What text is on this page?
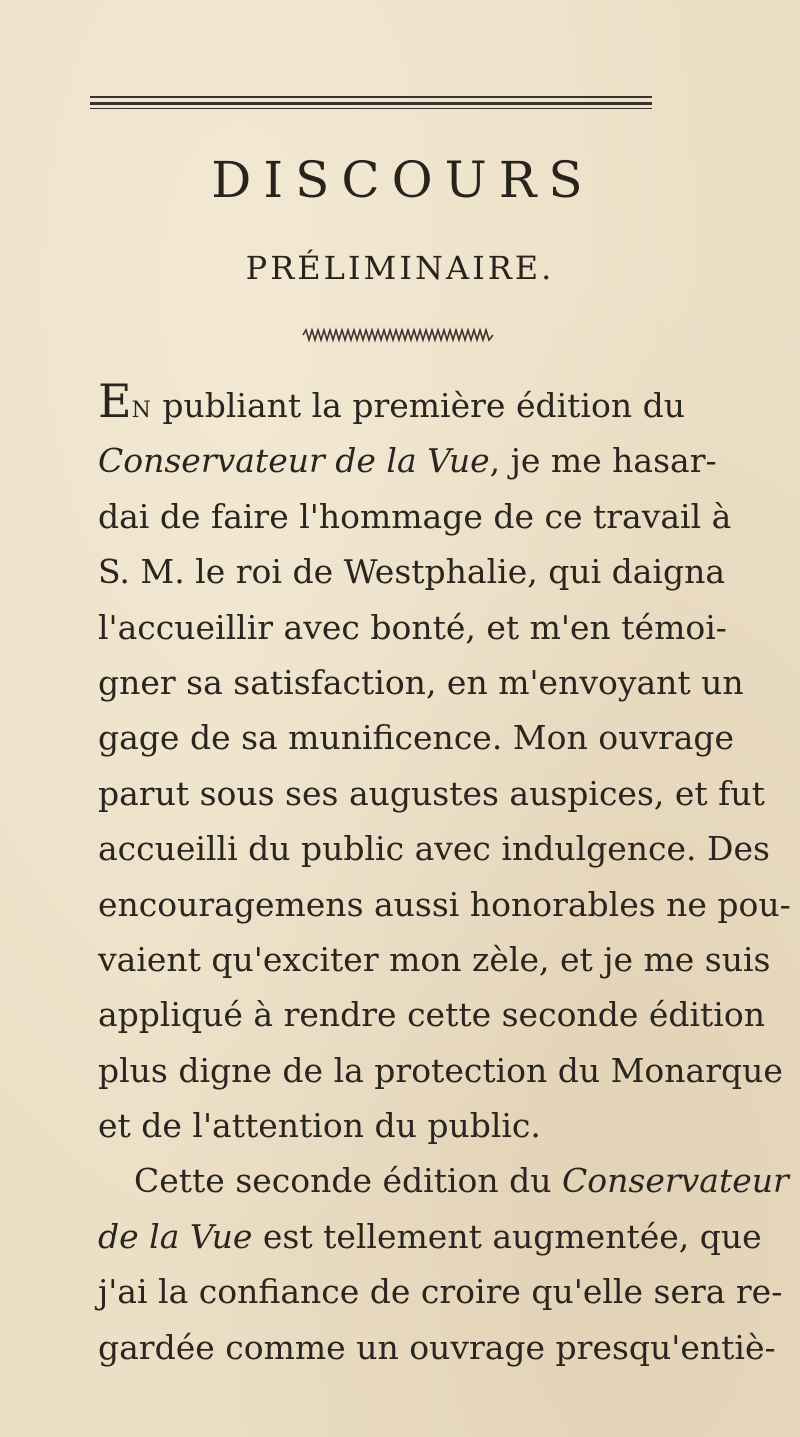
DISCOURS
PRÉLIMINAIRE.
EN publiant la première édition du
Conservateur de la Vue, je me hasar-
dai de faire l'hommage de ce travail à
S. M. le roi de Westphalie, qui daigna
l'accueillir avec bonté, et m'en témoi-
gner sa satisfaction, en m'envoyant un
gage de sa munificence. Mon ouvrage
parut sous ses augustes auspices, et fut
accueilli du public avec indulgence. Des
encouragemens aussi honorables ne pou-
vaient qu'exciter mon zèle, et je me suis
appliqué à rendre cette seconde édition
plus digne de la protection du Monarque
et de l'attention du public.
Cette seconde édition du Conservateur
de la Vue est tellement augmentée, que
j'ai la confiance de croire qu'elle sera re-
gardée comme un ouvrage presqu'entiè-
